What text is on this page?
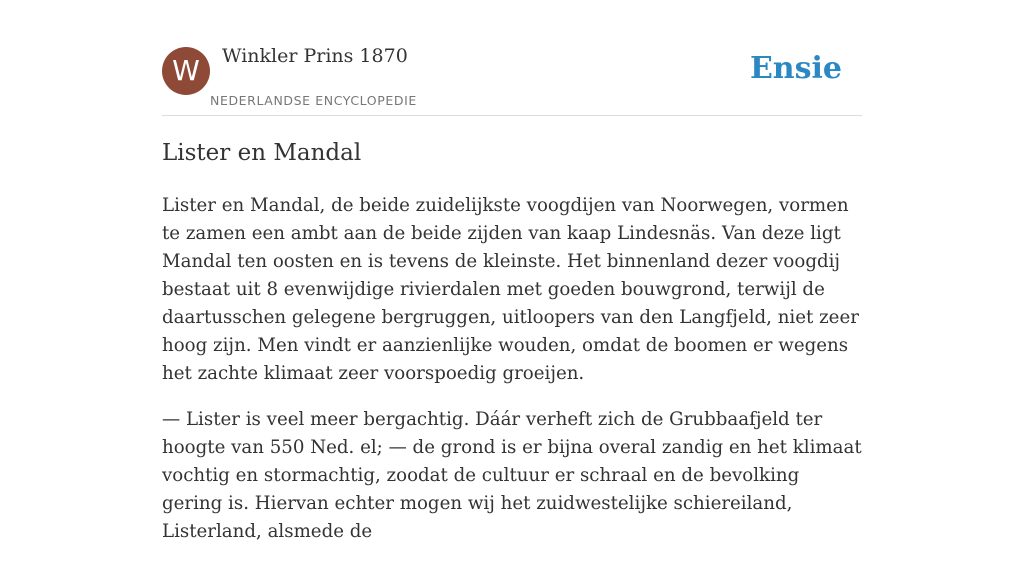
W	Winkler Prins 1870
NEDERLANDSE ENCYCLOPEDIE
Ensie
Lister en Mandal

Lister en Mandal, de beide zuidelijkste voogdijen van Noorwegen, vormen te zamen een ambt aan de beide zijden van kaap Lindesnäs. Van deze ligt Mandal ten oosten en is tevens de kleinste. Het binnenland dezer voogdij bestaat uit 8 evenwijdige rivierdalen met goeden bouwgrond, terwijl de daartusschen gelegene bergruggen, uitloopers van den Langfjeld, niet zeer hoog zijn. Men vindt er aanzienlijke wouden, omdat de boomen er wegens het zachte klimaat zeer voorspoedig groeijen.

— Lister is veel meer bergachtig. Dáár verheft zich de Grubbaafjeld ter hoogte van 550 Ned. el; — de grond is er bijna overal zandig en het klimaat vochtig en stormachtig, zoodat de cultuur er schraal en de bevolking gering is. Hiervan echter mogen wij het zuidwestelijke schiereiland, Listerland, alsmede de
